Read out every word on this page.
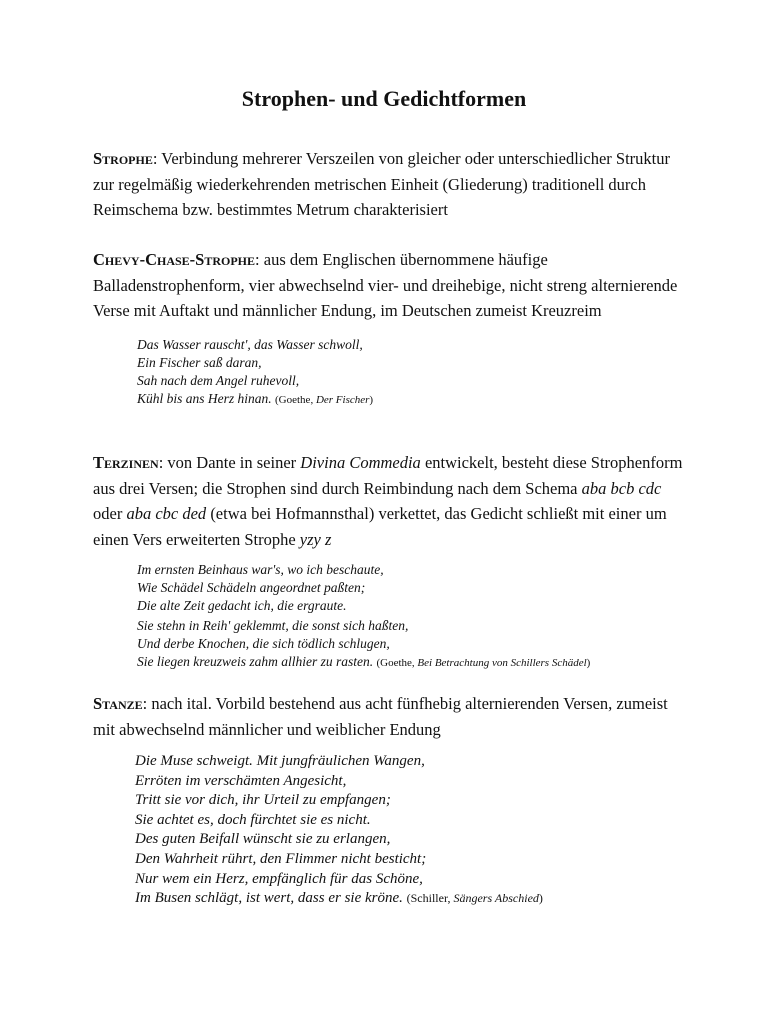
Strophen- und Gedichtformen

Strophe: Verbindung mehrerer Verszeilen von gleicher oder unterschiedlicher Struktur zur regelmäßig wiederkehrenden metrischen Einheit (Gliederung) traditionell durch Reimschema bzw. bestimmtes Metrum charakterisiert

Chevy-Chase-Strophe: aus dem Englischen übernommene häufige Balladenstrophenform, vier abwechselnd vier- und dreihebige, nicht streng alternierende Verse mit Auftakt und männlicher Endung, im Deutschen zumeist Kreuzreim

Das Wasser rauscht', das Wasser schwoll,
Ein Fischer saß daran,
Sah nach dem Angel ruhevoll,
Kühl bis ans Herz hinan. (Goethe, Der Fischer)

Terzinen: von Dante in seiner Divina Commedia entwickelt, besteht diese Strophenform aus drei Versen; die Strophen sind durch Reimbindung nach dem Schema aba bcb cdc oder aba cbc ded (etwa bei Hofmannsthal) verkettet, das Gedicht schließt mit einer um einen Vers erweiterten Strophe yzy z

Im ernsten Beinhaus war's, wo ich beschaute,
Wie Schädel Schädeln angeordnet paßten;
Die alte Zeit gedacht ich, die ergraute.
Sie stehn in Reih' geklemmt, die sonst sich haßten,
Und derbe Knochen, die sich tödlich schlugen,
Sie liegen kreuzweis zahm allhier zu rasten. (Goethe, Bei Betrachtung von Schillers Schädel)

Stanze: nach ital. Vorbild bestehend aus acht fünfhebig alternierenden Versen, zumeist mit abwechselnd männlicher und weiblicher Endung

Die Muse schweigt. Mit jungfräulichen Wangen,
Erröten im verschämten Angesicht,
Tritt sie vor dich, ihr Urteil zu empfangen;
Sie achtet es, doch fürchtet sie es nicht.
Des guten Beifall wünscht sie zu erlangen,
Den Wahrheit rührt, den Flimmer nicht besticht;
Nur wem ein Herz, empfänglich für das Schöne,
Im Busen schlägt, ist wert, dass er sie kröne. (Schiller, Sängers Abschied)
